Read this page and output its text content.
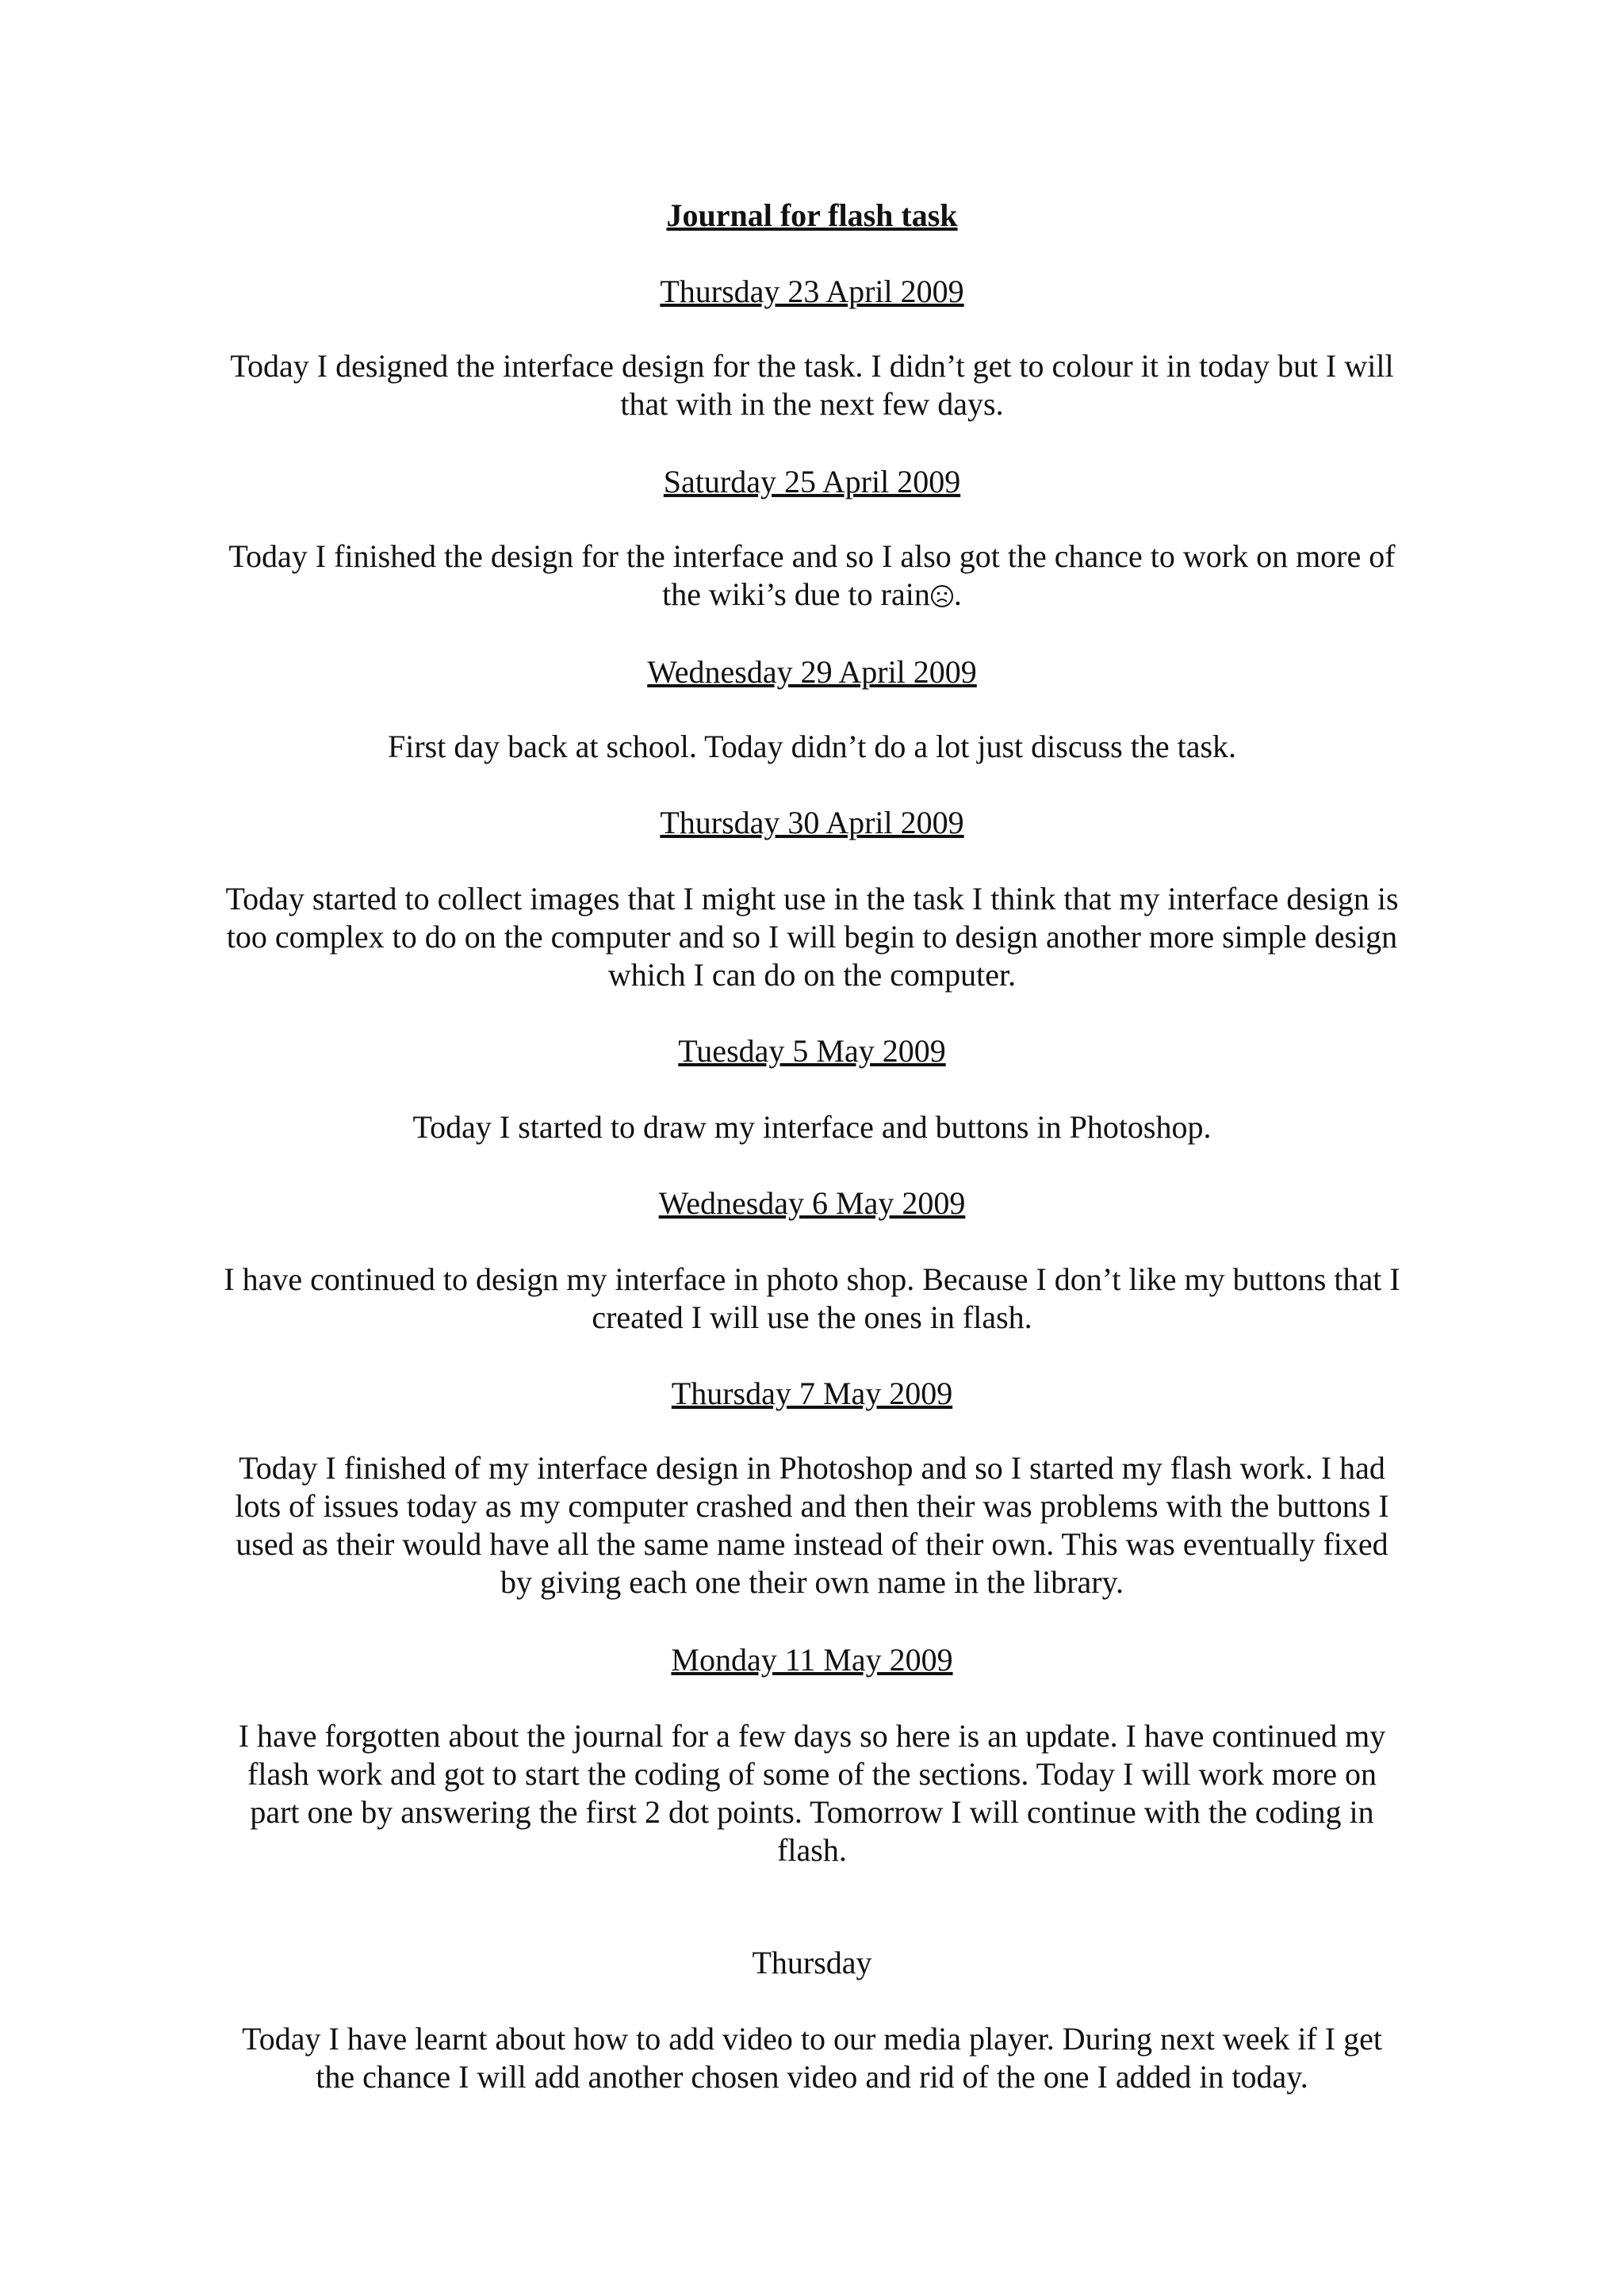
Journal for flash task

Thursday 23 April 2009

Today I designed the interface design for the task. I didn’t get to colour it in today but I will that with in the next few days.

Saturday 25 April 2009

Today I finished the design for the interface and so I also got the chance to work on more of the wiki’s due to rain .

Wednesday 29 April 2009

First day back at school. Today didn’t do a lot just discuss the task.

Thursday 30 April 2009

Today started to collect images that I might use in the task I think that my interface design is too complex to do on the computer and so I will begin to design another more simple design which I can do on the computer.

Tuesday 5 May 2009

Today I started to draw my interface and buttons in Photoshop.

Wednesday 6 May 2009

I have continued to design my interface in photo shop. Because I don’t like my buttons that I created I will use the ones in flash.

Thursday 7 May 2009

Today I finished of my interface design in Photoshop and so I started my flash work. I had lots of issues today as my computer crashed and then their was problems with the buttons I used as their would have all the same name instead of their own. This was eventually fixed by giving each one their own name in the library.

Monday 11 May 2009

I have forgotten about the journal for a few days so here is an update. I have continued my flash work and got to start the coding of some of the sections. Today I will work more on part one by answering the first 2 dot points. Tomorrow I will continue with the coding in flash.

Thursday

Today I have learnt about how to add video to our media player. During next week if I get the chance I will add another chosen video and rid of the one I added in today.
